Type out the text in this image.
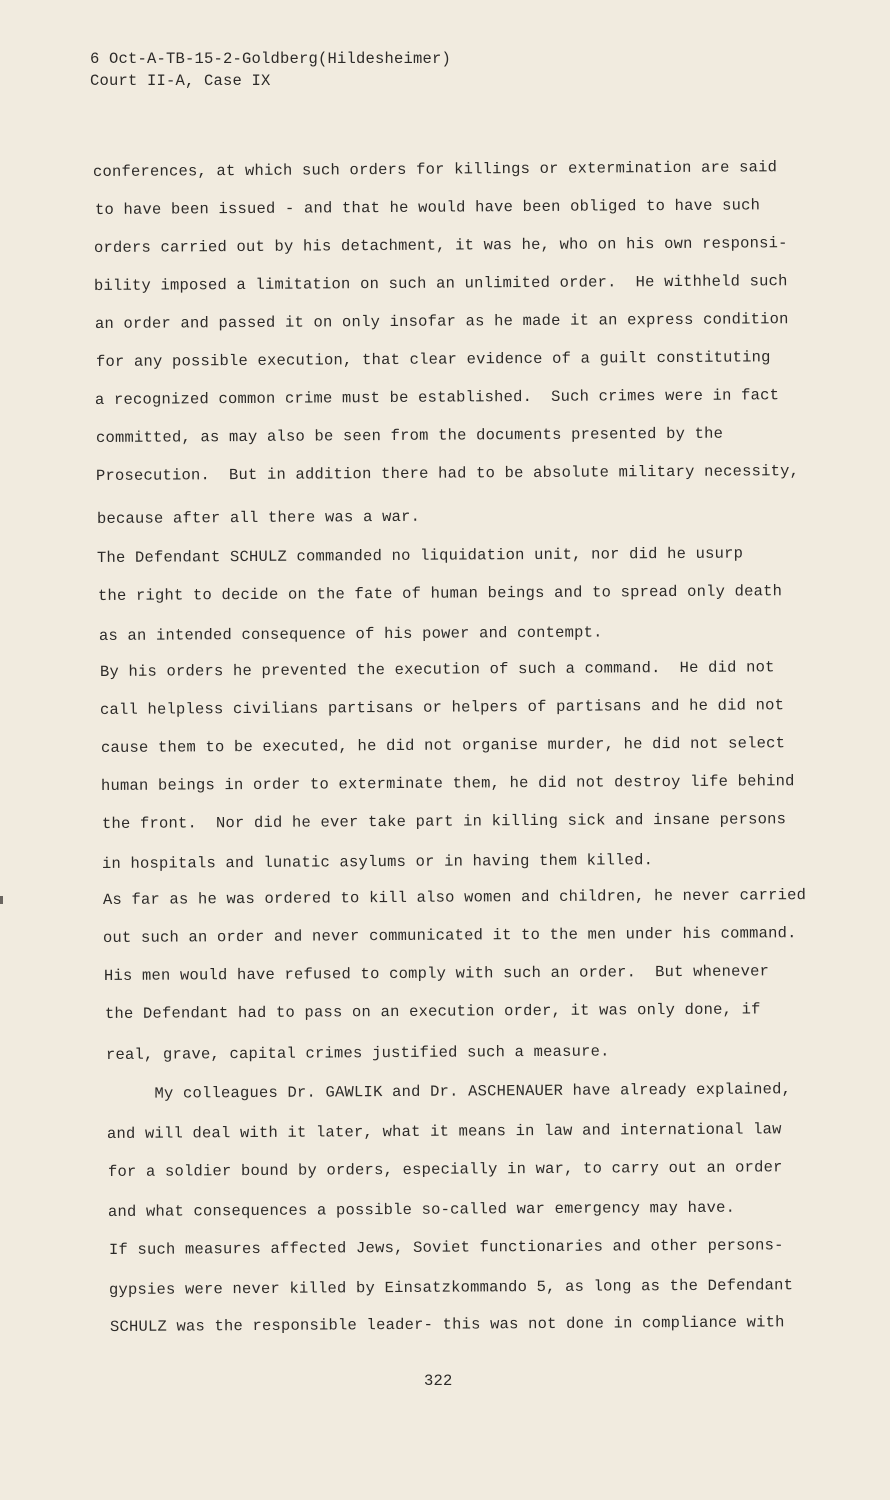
6 Oct-A-TB-15-2-Goldberg(Hildesheimer)
Court II-A, Case IX
conferences, at which such orders for killings or extermination are said
to have been issued - and that he would have been obliged to have such
orders carried out by his detachment, it was he, who on his own responsi-
bility imposed a limitation on such an unlimited order.  He withheld such
an order and passed it on only insofar as he made it an express condition
for any possible execution, that clear evidence of a guilt constituting
a recognized common crime must be established.  Such crimes were in fact
committed, as may also be seen from the documents presented by the
Prosecution.  But in addition there had to be absolute military necessity,
because after all there was a war.
The Defendant SCHULZ commanded no liquidation unit, nor did he usurp
the right to decide on the fate of human beings and to spread only death
as an intended consequence of his power and contempt.
By his orders he prevented the execution of such a command.  He did not
call helpless civilians partisans or helpers of partisans and he did not
cause them to be executed, he did not organise murder, he did not select
human beings in order to exterminate them, he did not destroy life behind
the front.  Nor did he ever take part in killing sick and insane persons
in hospitals and lunatic asylums or in having them killed.
As far as he was ordered to kill also women and children, he never carried
out such an order and never communicated it to the men under his command.
His men would have refused to comply with such an order.  But whenever
the Defendant had to pass on an execution order, it was only done, if
real, grave, capital crimes justified such a measure.
My colleagues Dr. GAWLIK and Dr. ASCHENAUER have already explained,
and will deal with it later, what it means in law and international law
for a soldier bound by orders, especially in war, to carry out an order
and what consequences a possible so-called war emergency may have.
If such measures affected Jews, Soviet functionaries and other persons-
gypsies were never killed by Einsatzkommando 5, as long as the Defendant
SCHULZ was the responsible leader- this was not done in compliance with
322
